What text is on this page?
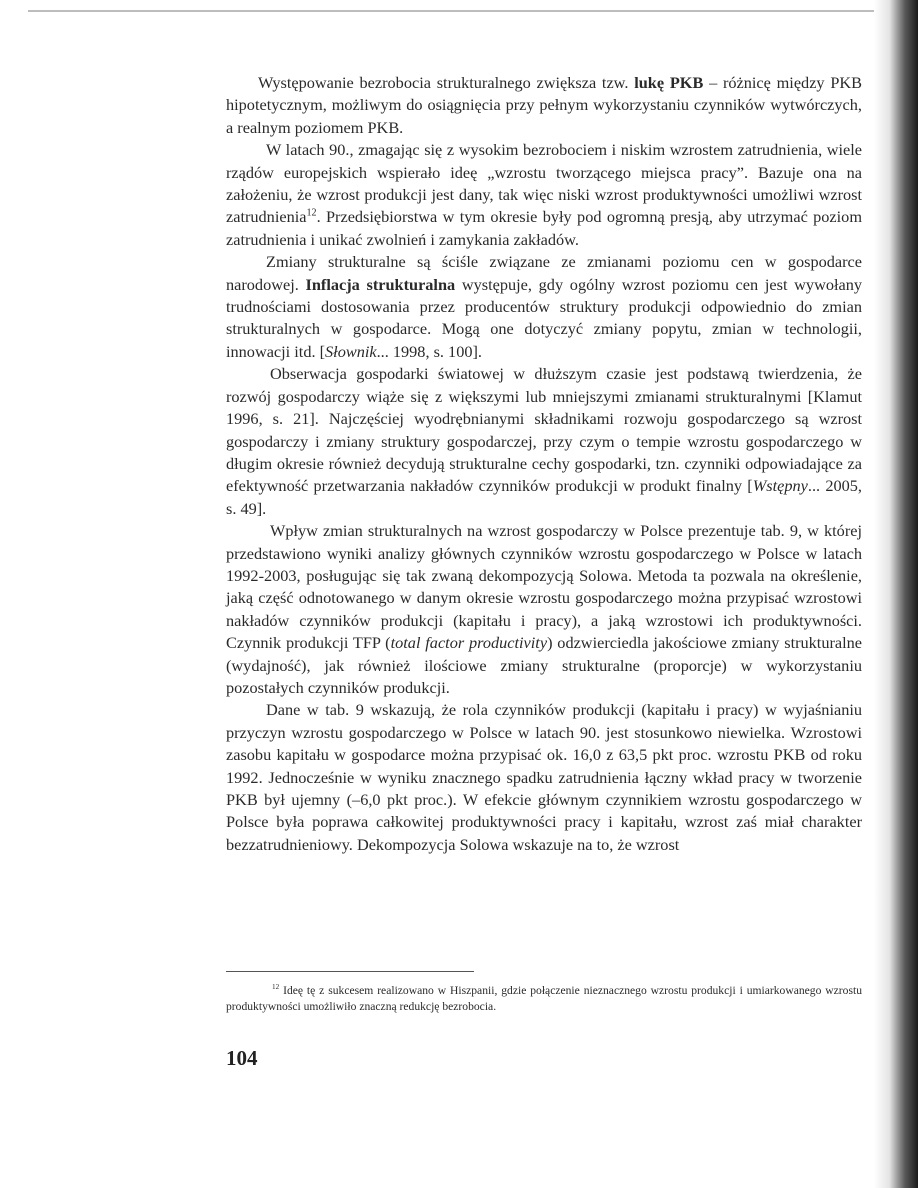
Występowanie bezrobocia strukturalnego zwiększa tzw. lukę PKB – różnicę między PKB hipotetycznym, możliwym do osiągnięcia przy pełnym wykorzystaniu czynników wytwórczych, a realnym poziomem PKB.

W latach 90., zmagając się z wysokim bezrobociem i niskim wzrostem zatrudnienia, wiele rządów europejskich wspierało ideę „wzrostu tworzącego miejsca pracy”. Bazuje ona na założeniu, że wzrost produkcji jest dany, tak więc niski wzrost produktywności umożliwi wzrost zatrudnienia$^{12}$. Przedsiębiorstwa w tym okresie były pod ogromną presją, aby utrzymać poziom zatrudnienia i unikać zwolnień i zamykania zakładów.

Zmiany strukturalne są ściśle związane ze zmianami poziomu cen w gospodarce narodowej. Inflacja strukturalna występuje, gdy ogólny wzrost poziomu cen jest wywołany trudnościami dostosowania przez producentów struktury produkcji odpowiednio do zmian strukturalnych w gospodarce. Mogą one dotyczyć zmiany popytu, zmian w technologii, innowacji itd. [Słownik... 1998, s. 100].

Obserwacja gospodarki światowej w dłuższym czasie jest podstawą twierdzenia, że rozwój gospodarczy wiąże się z większymi lub mniejszymi zmianami strukturalnymi [Klamut 1996, s. 21]. Najczęściej wyodrębnianymi składnikami rozwoju gospodarczego są wzrost gospodarczy i zmiany struktury gospodarczej, przy czym o tempie wzrostu gospodarczego w długim okresie również decydują strukturalne cechy gospodarki, tzn. czynniki odpowiadające za efektywność przetwarzania nakładów czynników produkcji w produkt finalny [Wstępny... 2005, s. 49].

Wpływ zmian strukturalnych na wzrost gospodarczy w Polsce prezentuje tab. 9, w której przedstawiono wyniki analizy głównych czynników wzrostu gospodarczego w Polsce w latach 1992-2003, posługując się tak zwaną dekompozycją Solowa. Metoda ta pozwala na określenie, jaką część odnotowanego w danym okresie wzrostu gospodarczego można przypisać wzrostowi nakładów czynników produkcji (kapitału i pracy), a jaką wzrostowi ich produktywności. Czynnik produkcji TFP (total factor productivity) odzwierciedla jakościowe zmiany strukturalne (wydajność), jak również ilościowe zmiany strukturalne (proporcje) w wykorzystaniu pozostałych czynników produkcji.

Dane w tab. 9 wskazują, że rola czynników produkcji (kapitału i pracy) w wyjaśnianiu przyczyn wzrostu gospodarczego w Polsce w latach 90. jest stosunkowo niewielka. Wzrostowi zasobu kapitału w gospodarce można przypisać ok. 16,0 z 63,5 pkt proc. wzrostu PKB od roku 1992. Jednocześnie w wyniku znacznego spadku zatrudnienia łączny wkład pracy w tworzenie PKB był ujemny (–6,0 pkt proc.). W efekcie głównym czynnikiem wzrostu gospodarczego w Polsce była poprawa całkowitej produktywności pracy i kapitału, wzrost zaś miał charakter bezzatrudnieniowy. Dekompozycja Solowa wskazuje na to, że wzrost

$^{12}$ Ideę tę z sukcesem realizowano w Hiszpanii, gdzie połączenie nieznacznego wzrostu produkcji i umiarkowanego wzrostu produktywności umożliwiło znaczną redukcję bezrobocia.
104
